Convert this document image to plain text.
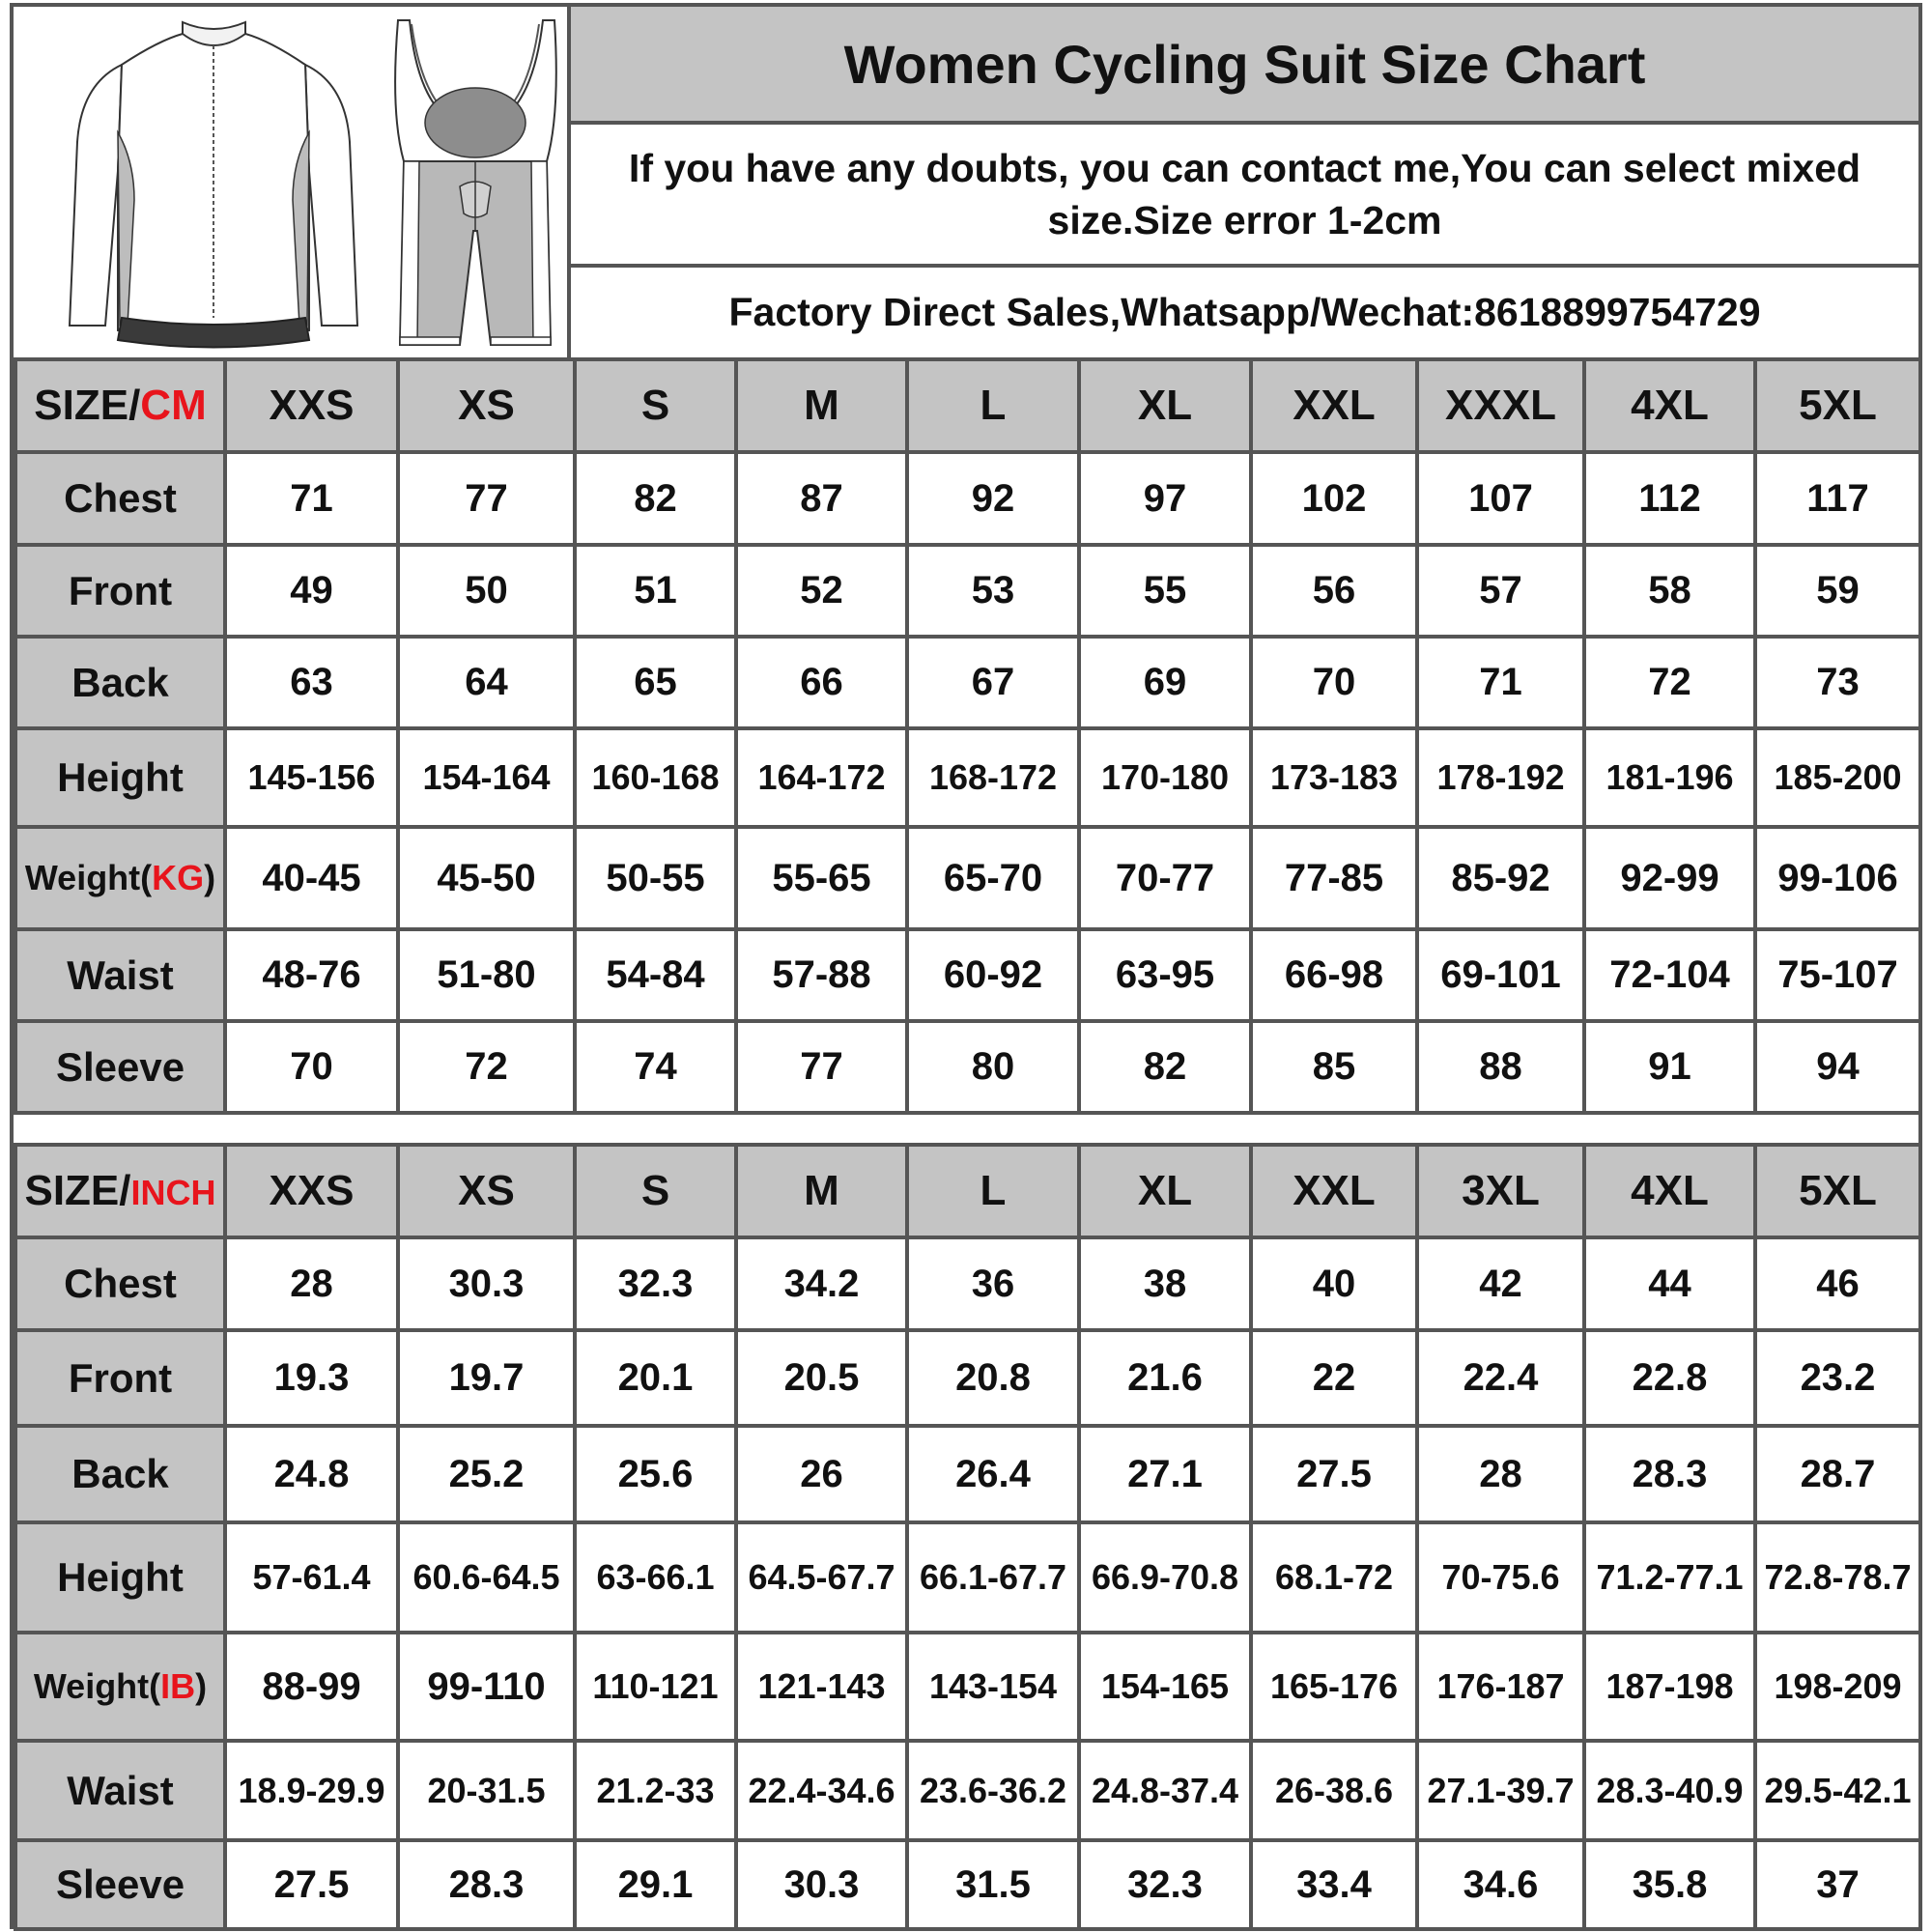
Women Cycling Suit Size Chart
If you have any doubts, you can contact me,You can select mixed size.Size error 1-2cm
Factory Direct Sales,Whatsapp/Wechat:8618899754729
SIZE/CM	XXS	XS	S	M	L	XL	XXL	XXXL	4XL	5XL
Chest	71	77	82	87	92	97	102	107	112	117
Front	49	50	51	52	53	55	56	57	58	59
Back	63	64	65	66	67	69	70	71	72	73
Height	145-156	154-164	160-168	164-172	168-172	170-180	173-183	178-192	181-196	185-200
Weight(KG)	40-45	45-50	50-55	55-65	65-70	70-77	77-85	85-92	92-99	99-106
Waist	48-76	51-80	54-84	57-88	60-92	63-95	66-98	69-101	72-104	75-107
Sleeve	70	72	74	77	80	82	85	88	91	94
SIZE/INCH	XXS	XS	S	M	L	XL	XXL	3XL	4XL	5XL
Chest	28	30.3	32.3	34.2	36	38	40	42	44	46
Front	19.3	19.7	20.1	20.5	20.8	21.6	22	22.4	22.8	23.2
Back	24.8	25.2	25.6	26	26.4	27.1	27.5	28	28.3	28.7
Height	57-61.4	60.6-64.5	63-66.1	64.5-67.7	66.1-67.7	66.9-70.8	68.1-72	70-75.6	71.2-77.1	72.8-78.7
Weight(IB)	88-99	99-110	110-121	121-143	143-154	154-165	165-176	176-187	187-198	198-209
Waist	18.9-29.9	20-31.5	21.2-33	22.4-34.6	23.6-36.2	24.8-37.4	26-38.6	27.1-39.7	28.3-40.9	29.5-42.1
Sleeve	27.5	28.3	29.1	30.3	31.5	32.3	33.4	34.6	35.8	37
